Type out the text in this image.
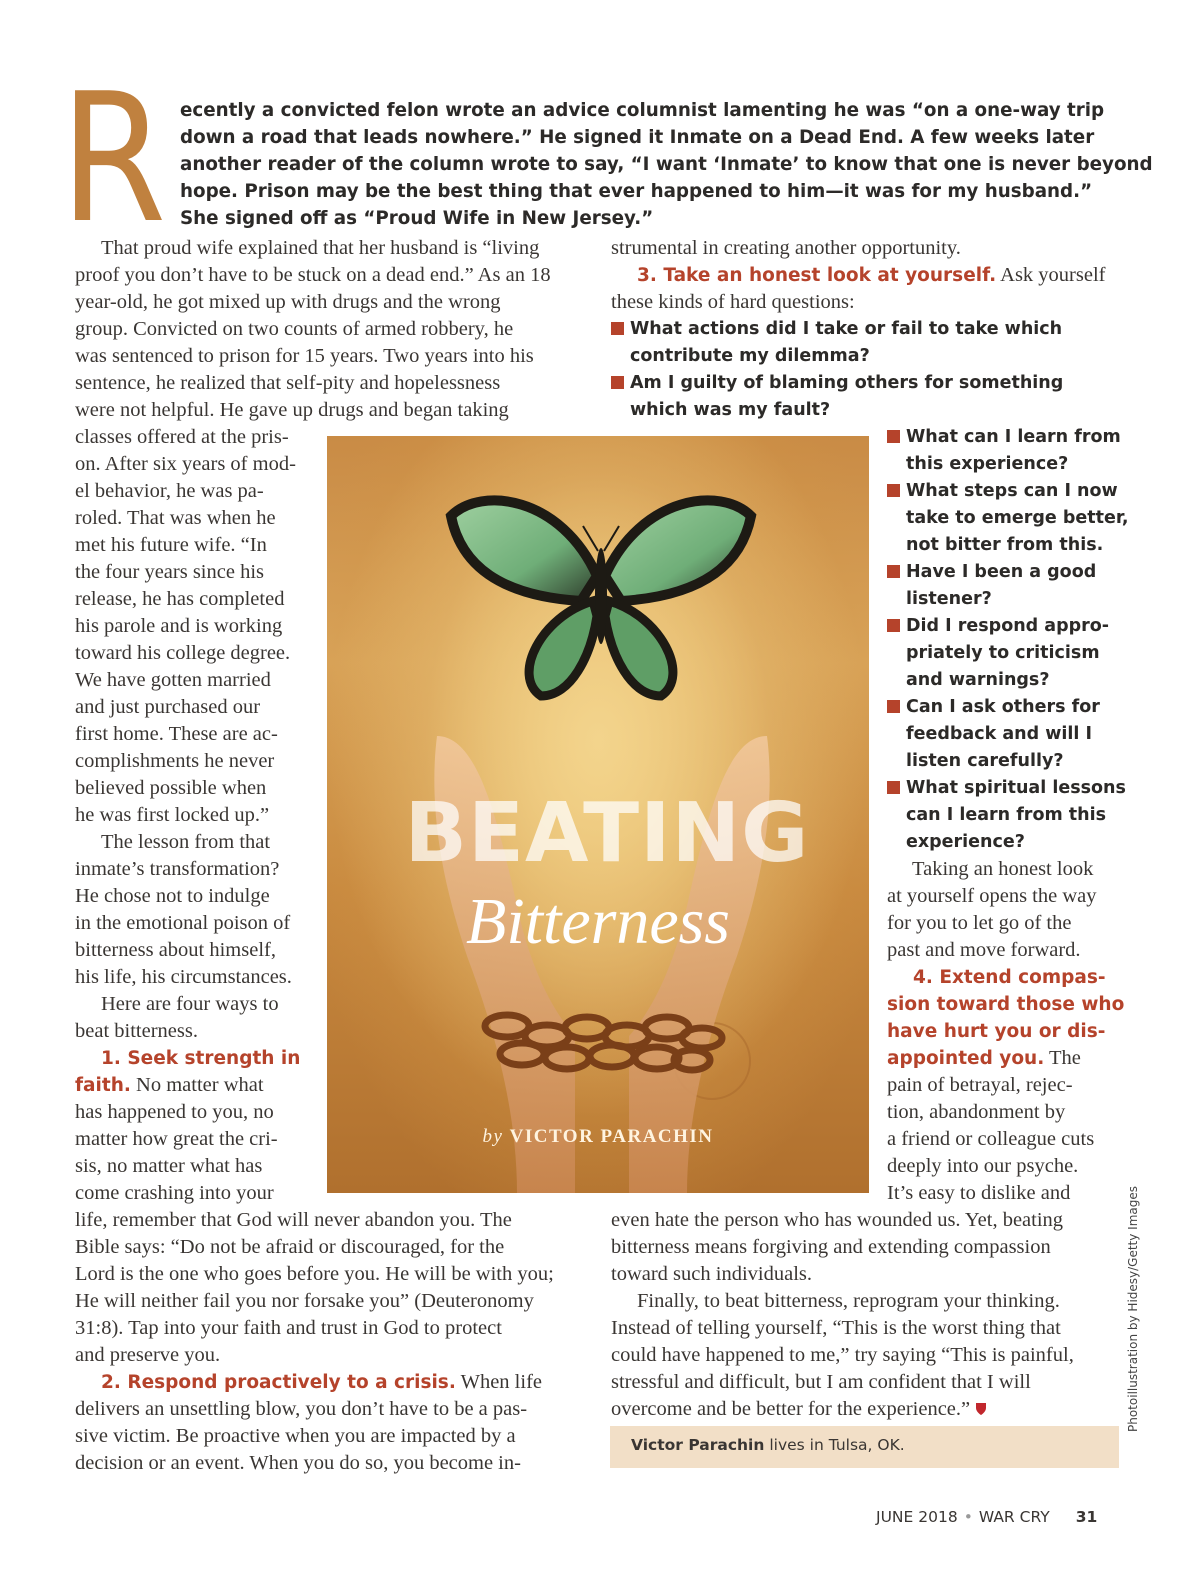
R ecently a convicted felon wrote an advice columnist lamenting he was “on a one-way trip
down a road that leads nowhere.” He signed it Inmate on a Dead End. A few weeks later
another reader of the column wrote to say, “I want ‘Inmate’ to know that one is never beyond
hope. Prison may be the best thing that ever happened to him—it was for my husband.”
She signed off as “Proud Wife in New Jersey.”
That proud wife explained that her husband is “living
proof you don’t have to be stuck on a dead end.” As an 18
year-old, he got mixed up with drugs and the wrong
group. Convicted on two counts of armed robbery, he
was sentenced to prison for 15 years. Two years into his
sentence, he realized that self-pity and hopelessness
were not helpful. He gave up drugs and began taking
classes offered at the pris-
on. After six years of mod-
el behavior, he was pa-
roled. That was when he
met his future wife. “In
the four years since his
release, he has completed
his parole and is working
toward his college degree.
We have gotten married
and just purchased our
first home. These are ac-
complishments he never
believed possible when
he was first locked up.”
The lesson from that
inmate’s transformation?
He chose not to indulge
in the emotional poison of
bitterness about himself,
his life, his circumstances.
Here are four ways to
beat bitterness.
1. Seek strength in
faith. No matter what
has happened to you, no
matter how great the cri-
sis, no matter what has
come crashing into your
life, remember that God will never abandon you. The
Bible says: “Do not be afraid or discouraged, for the
Lord is the one who goes before you. He will be with you;
He will neither fail you nor forsake you” (Deuteronomy
31:8). Tap into your faith and trust in God to protect
and preserve you.
2. Respond proactively to a crisis. When life
delivers an unsettling blow, you don’t have to be a pas-
sive victim. Be proactive when you are impacted by a
decision or an event. When you do so, you become in-
strumental in creating another opportunity.
3. Take an honest look at yourself. Ask yourself
these kinds of hard questions:
What actions did I take or fail to take which
contribute my dilemma?
Am I guilty of blaming others for something
which was my fault?
What can I learn from
this experience?
What steps can I now
take to emerge better,
not bitter from this.
Have I been a good
listener?
Did I respond appro-
priately to criticism
and warnings?
Can I ask others for
feedback and will I
listen carefully?
What spiritual lessons
can I learn from this
experience?
Taking an honest look
at yourself opens the way
for you to let go of the
past and move forward.
4. Extend compas-
sion toward those who
have hurt you or dis-
appointed you. The
pain of betrayal, rejec-
tion, abandonment by
a friend or colleague cuts
deeply into our psyche.
It’s easy to dislike and
even hate the person who has wounded us. Yet, beating
bitterness means forgiving and extending compassion
toward such individuals.
Finally, to beat bitterness, reprogram your thinking.
Instead of telling yourself, “This is the worst thing that
could have happened to me,” try saying “This is painful,
stressful and difficult, but I am confident that I will
overcome and be better for the experience.”
BEATING
Bitterness
by VICTOR PARACHIN
Victor Parachin lives in Tulsa, OK.
Photoillustration by Hidesy/Getty Images
JUNE 2018 • WAR CRY 31
